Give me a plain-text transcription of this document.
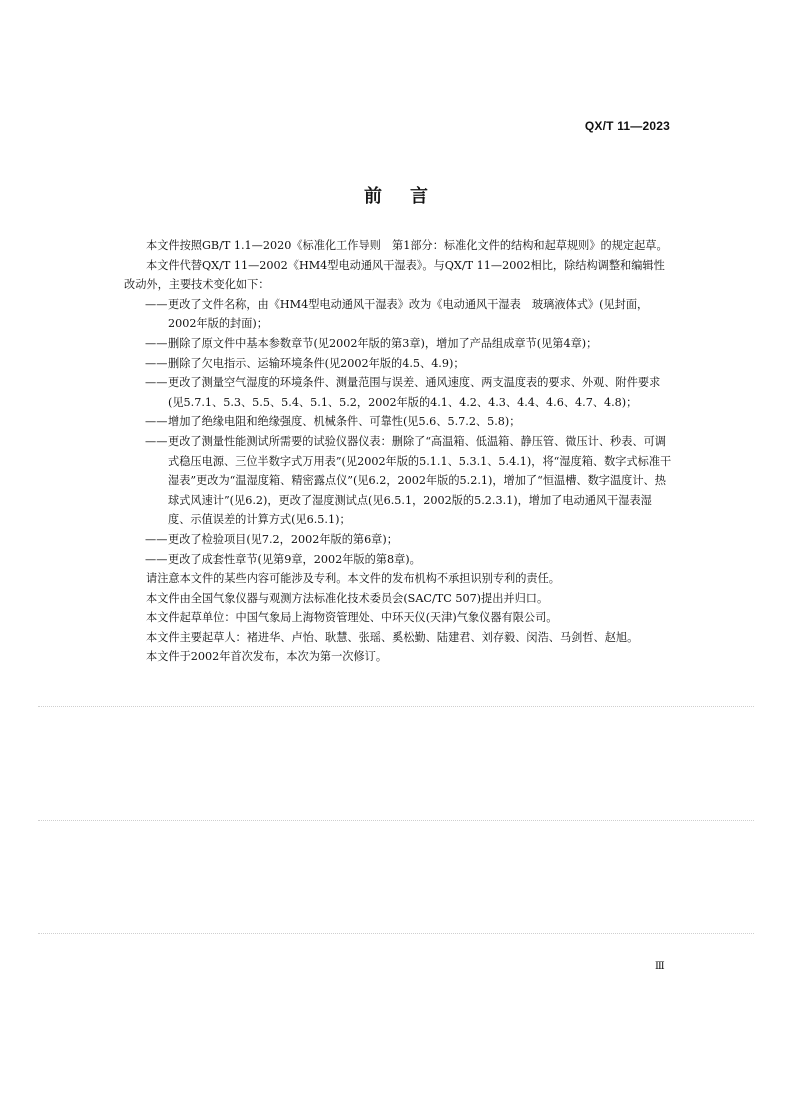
QX/T 11—2023
前言

本文件按照GB/T 1.1—2020《标准化工作导则　第1部分：标准化文件的结构和起草规则》的规定起草。

本文件代替QX/T 11—2002《HM4型电动通风干湿表》。与QX/T 11—2002相比，除结构调整和编辑性改动外，主要技术变化如下：

—— 更改了文件名称，由《HM4型电动通风干湿表》改为《电动通风干湿表　玻璃液体式》(见封面，2002年版的封面)；

—— 删除了原文件中基本参数章节(见2002年版的第3章)，增加了产品组成章节(见第4章)；

—— 删除了欠电指示、运输环境条件(见2002年版的4.5、4.9)；

—— 更改了测量空气湿度的环境条件、测量范围与误差、通风速度、两支温度表的要求、外观、附件要求(见5.7.1、5.3、5.5、5.4、5.1、5.2，2002年版的4.1、4.2、4.3、4.4、4.6、4.7、4.8)；

—— 增加了绝缘电阻和绝缘强度、机械条件、可靠性(见5.6、5.7.2、5.8)；

—— 更改了测量性能测试所需要的试验仪器仪表：删除了“高温箱、低温箱、静压管、微压计、秒表、可调式稳压电源、三位半数字式万用表”(见2002年版的5.1.1、5.3.1、5.4.1)，将“湿度箱、数字式标准干湿表”更改为“温湿度箱、精密露点仪”(见6.2，2002年版的5.2.1)，增加了“恒温槽、数字温度计、热球式风速计”(见6.2)，更改了湿度测试点(见6.5.1，2002版的5.2.3.1)，增加了电动通风干湿表湿度、示值误差的计算方式(见6.5.1)；

—— 更改了检验项目(见7.2，2002年版的第6章)；

—— 更改了成套性章节(见第9章，2002年版的第8章)。

请注意本文件的某些内容可能涉及专利。本文件的发布机构不承担识别专利的责任。

本文件由全国气象仪器与观测方法标准化技术委员会(SAC/TC 507)提出并归口。

本文件起草单位：中国气象局上海物资管理处、中环天仪(天津)气象仪器有限公司。

本文件主要起草人：褚进华、卢怡、耿慧、张瑶、奚松勤、陆建君、刘存毅、闵浩、马剑哲、赵旭。

本文件于2002年首次发布，本次为第一次修订。

Ⅲ
